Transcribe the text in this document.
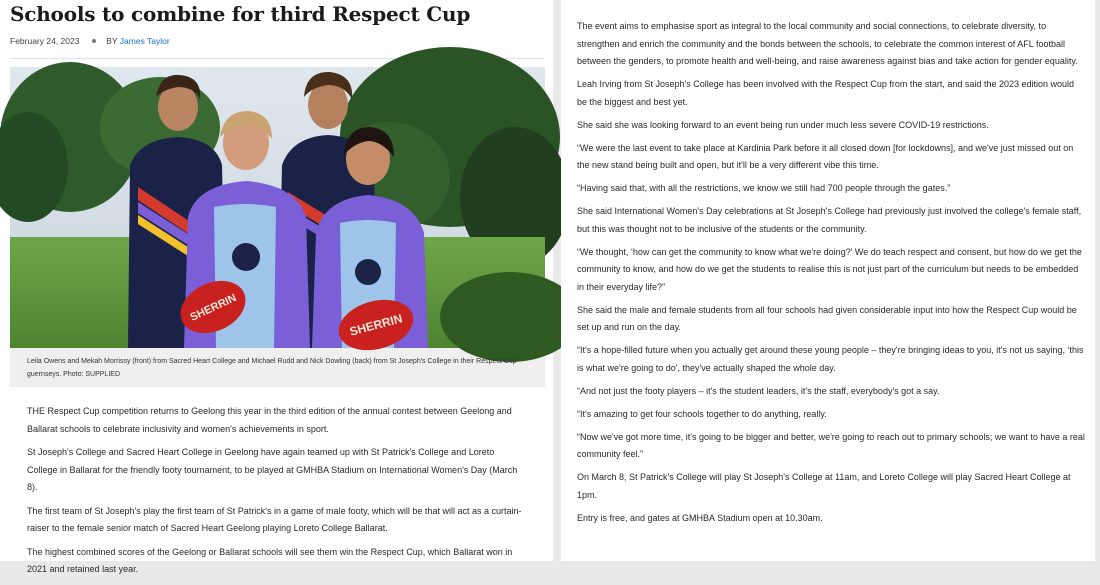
Schools to combine for third Respect Cup
February 24, 2023	BY James Taylor
SHERRIN
SHERRIN
Leila Owens and Mekah Morrissy (front) from Sacred Heart College and Michael Rudd and Nick Dowling (back) from St Joseph's College in their Respect Cup guernseys. Photo: SUPPLIED

THE Respect Cup competition returns to Geelong this year in the third edition of the annual contest between Geelong and Ballarat schools to celebrate inclusivity and women's achievements in sport.

St Joseph's College and Sacred Heart College in Geelong have again teamed up with St Patrick's College and Loreto College in Ballarat for the friendly footy tournament, to be played at GMHBA Stadium on International Women's Day (March 8).

The first team of St Joseph's play the first team of St Patrick's in a game of male footy, which will be that will act as a curtain-raiser to the female senior match of Sacred Heart Geelong playing Loreto College Ballarat.

The highest combined scores of the Geelong or Ballarat schools will see them win the Respect Cup, which Ballarat won in 2021 and retained last year.

The event aims to emphasise sport as integral to the local community and social connections, to celebrate diversity, to strengthen and enrich the community and the bonds between the schools, to celebrate the common interest of AFL football between the genders, to promote health and well-being, and raise awareness against bias and take action for gender equality.

Leah Irving from St Joseph's College has been involved with the Respect Cup from the start, and said the 2023 edition would be the biggest and best yet.

She said she was looking forward to an event being run under much less severe COVID-19 restrictions.

“We were the last event to take place at Kardinia Park before it all closed down [for lockdowns], and we've just missed out on the new stand being built and open, but it'll be a very different vibe this time.

“Having said that, with all the restrictions, we know we still had 700 people through the gates.”

She said International Women's Day celebrations at St Joseph's College had previously just involved the college's female staff, but this was thought not to be inclusive of the students or the community.

“We thought, ‘how can get the community to know what we're doing?' We do teach respect and consent, but how do we get the community to know, and how do we get the students to realise this is not just part of the curriculum but needs to be embedded in their everyday life?”

She said the male and female students from all four schools had given considerable input into how the Respect Cup would be set up and run on the day.

“It's a hope-filled future when you actually get around these young people – they're bringing ideas to you, it's not us saying, ‘this is what we're going to do', they've actually shaped the whole day.

“And not just the footy players – it's the student leaders, it's the staff, everybody's got a say.

“It's amazing to get four schools together to do anything, really.

“Now we've got more time, it's going to be bigger and better, we're going to reach out to primary schools; we want to have a real community feel.”

On March 8, St Patrick's College will play St Joseph's College at 11am, and Loreto College will play Sacred Heart College at 1pm.

Entry is free, and gates at GMHBA Stadium open at 10.30am.
